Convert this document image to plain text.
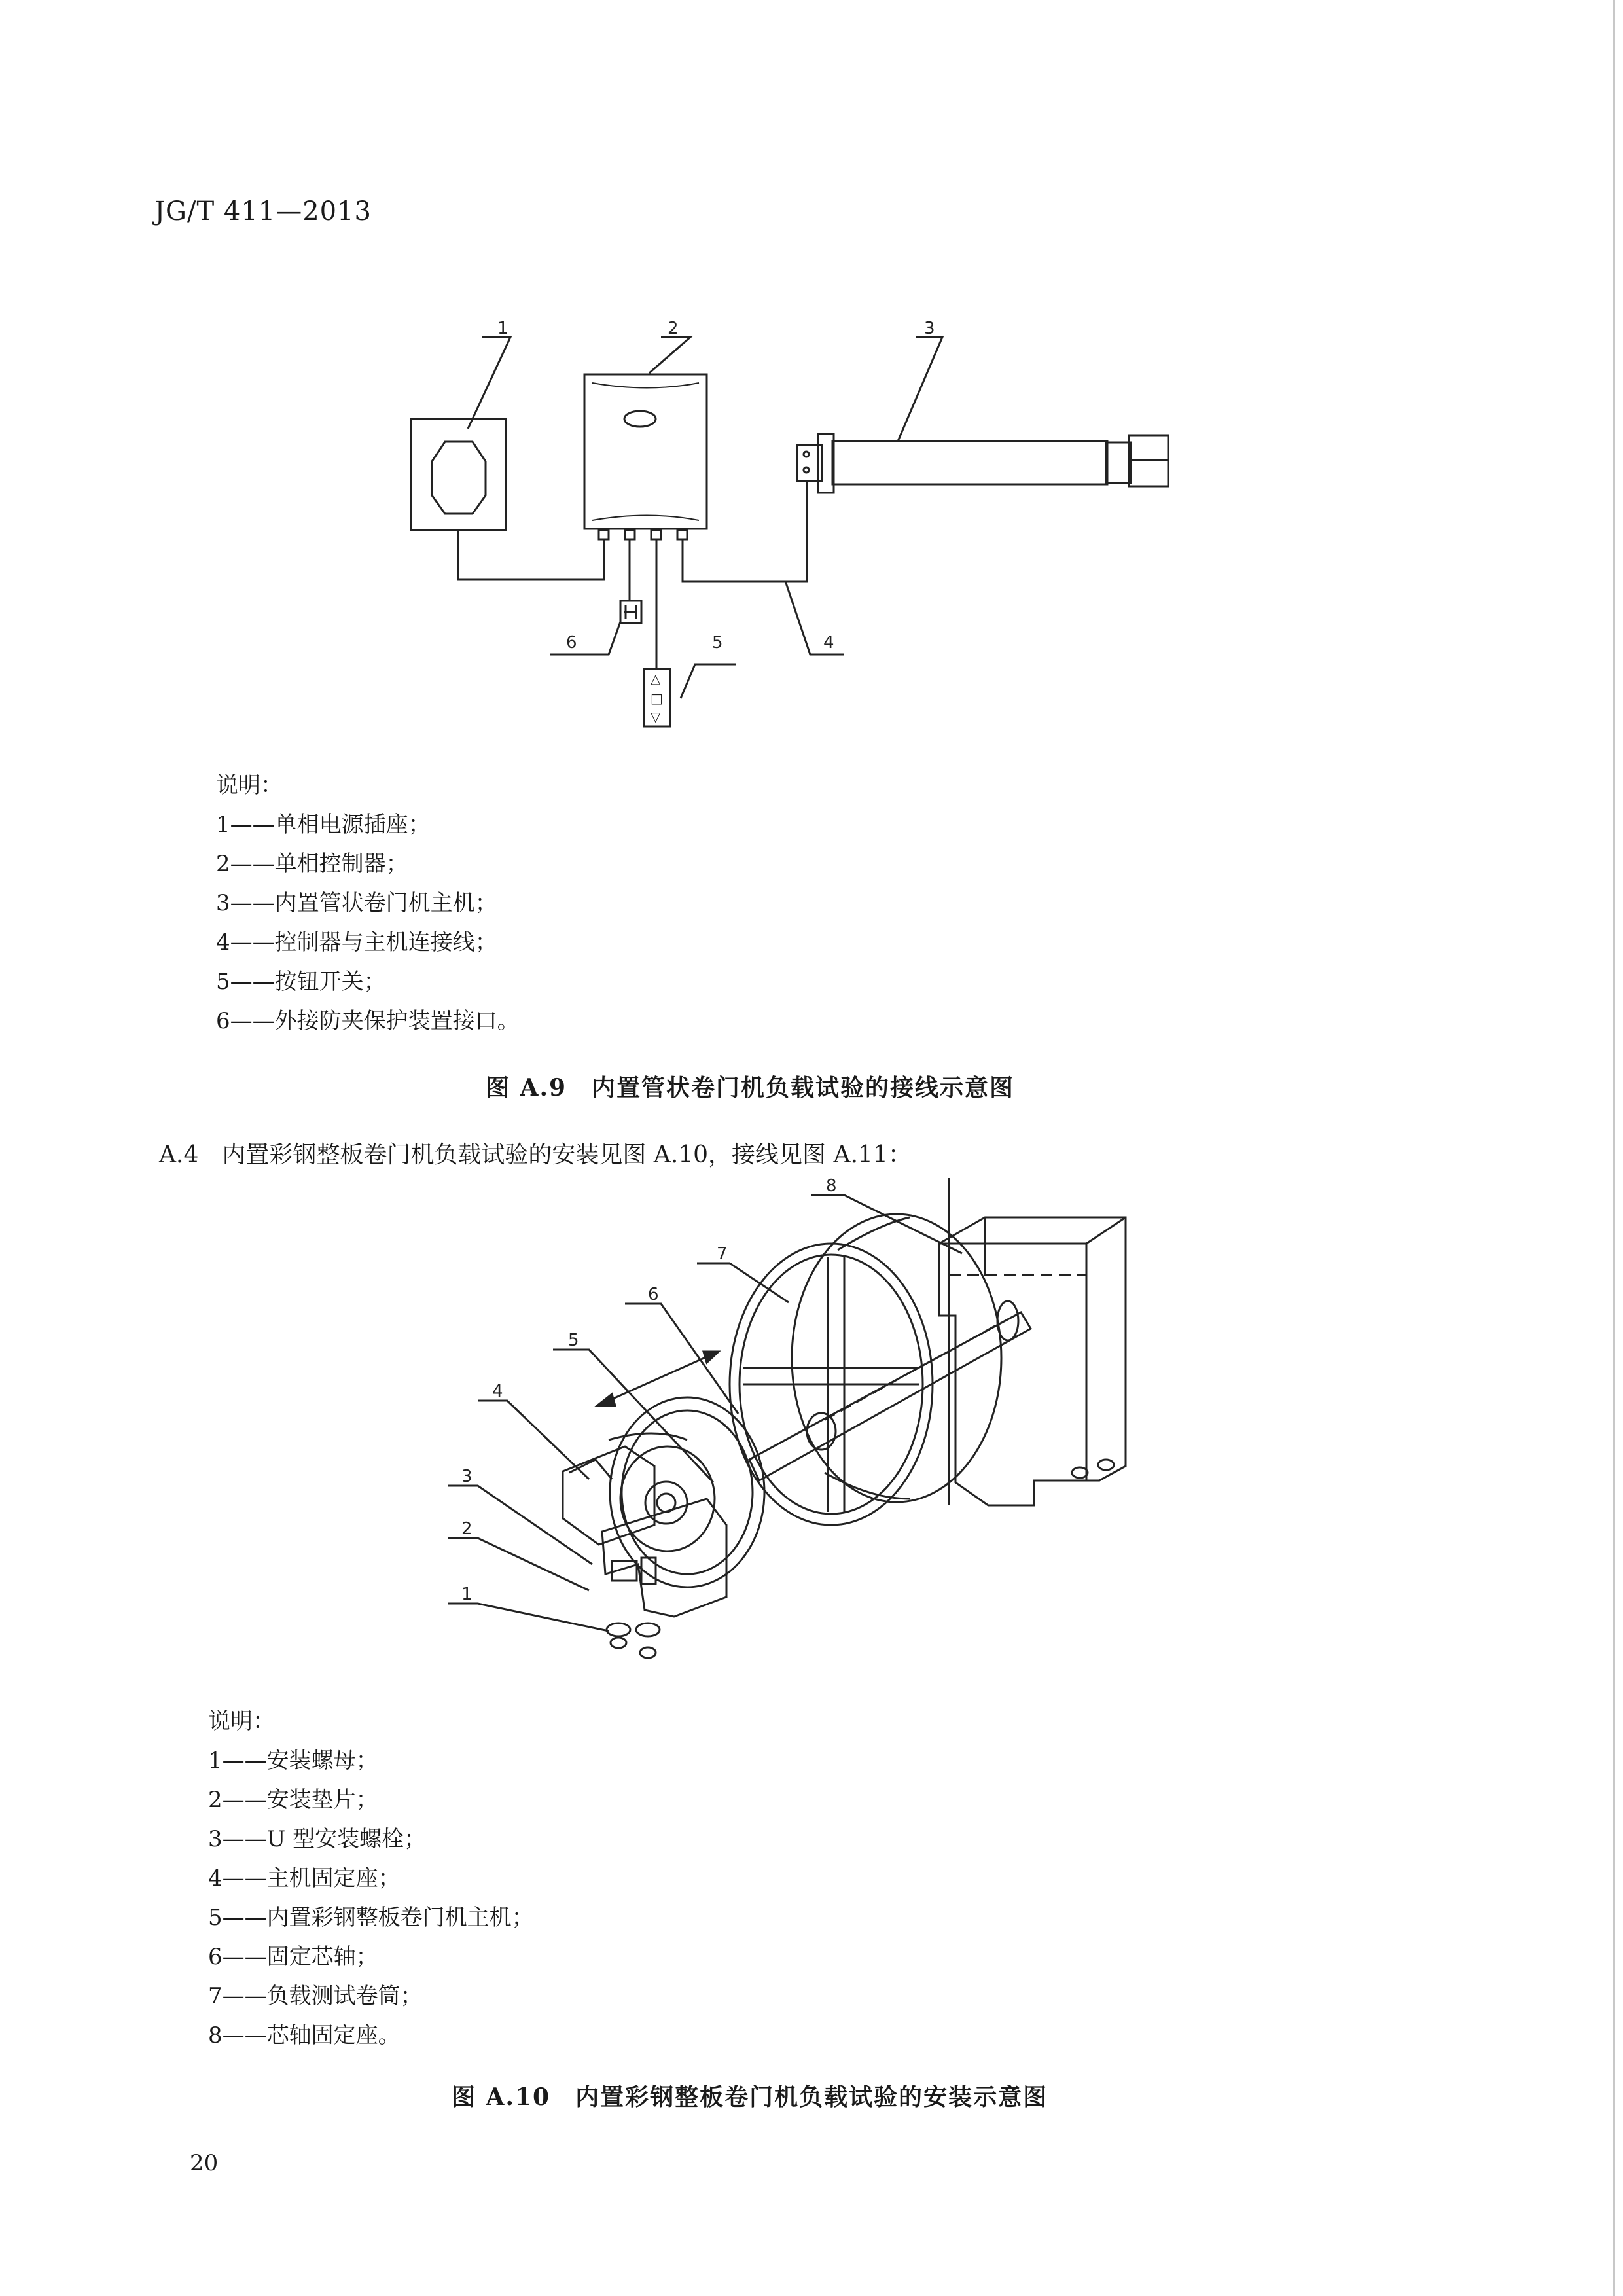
JG/T 411—2013
1	2	3
4
5
6
△
□
▽
说明：
1——单相电源插座；
2——单相控制器；
3——内置管状卷门机主机；
4——控制器与主机连接线；
5——按钮开关；
6——外接防夹保护装置接口。
图 A.9　内置管状卷门机负载试验的接线示意图
A.4　内置彩钢整板卷门机负载试验的安装见图 A.10，接线见图 A.11：
8
7
6
5
4
3
2
1
说明：
1——安装螺母；
2——安装垫片；
3——U 型安装螺栓；
4——主机固定座；
5——内置彩钢整板卷门机主机；
6——固定芯轴；
7——负载测试卷筒；
8——芯轴固定座。
图 A.10　内置彩钢整板卷门机负载试验的安装示意图
20
